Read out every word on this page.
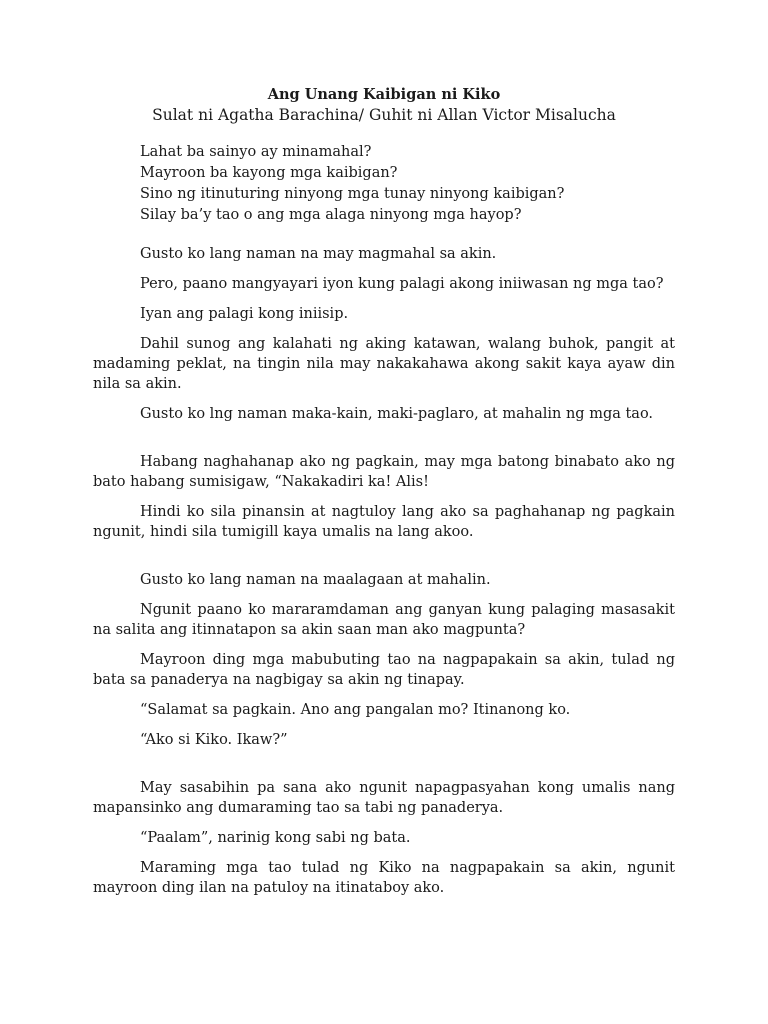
Ang Unang Kaibigan ni Kiko
Sulat ni Agatha Barachina/ Guhit ni Allan Victor Misalucha
Lahat ba sainyo ay minamahal?
Mayroon ba kayong mga kaibigan?
Sino ng itinuturing ninyong mga tunay ninyong kaibigan?
Silay ba’y tao o ang mga alaga ninyong mga hayop?

Gusto ko lang naman na may magmahal sa akin.

Pero, paano mangyayari iyon kung palagi akong iniiwasan ng mga tao?

Iyan ang palagi kong iniisip.

Dahil sunog ang kalahati ng aking katawan, walang buhok, pangit at madaming peklat, na tingin nila may nakakahawa akong sakit kaya ayaw din nila sa akin.

Gusto ko lng naman maka-kain, maki-paglaro, at mahalin ng mga tao.

Habang naghahanap ako ng pagkain, may mga batong binabato ako ng bato habang sumisigaw, “Nakakadiri ka! Alis!

Hindi ko sila pinansin at nagtuloy lang ako sa paghahanap ng pagkain ngunit, hindi sila tumigill kaya umalis na lang akoo.

Gusto ko lang naman na maalagaan at mahalin.

Ngunit paano ko mararamdaman ang ganyan kung palaging masasakit na salita ang itinnatapon sa akin saan man ako magpunta?

Mayroon ding mga mabubuting tao na nagpapakain sa akin, tulad ng bata sa panaderya na nagbigay sa akin ng tinapay.

“Salamat sa pagkain. Ano ang pangalan mo? Itinanong ko.

“Ako si Kiko. Ikaw?”

May sasabihin pa sana ako ngunit napagpasyahan kong umalis nang mapansinko ang dumaraming tao sa tabi ng panaderya.

“Paalam”, narinig kong sabi ng bata.

Maraming mga tao tulad ng Kiko na nagpapakain sa akin, ngunit mayroon ding ilan na patuloy na itinataboy ako.
